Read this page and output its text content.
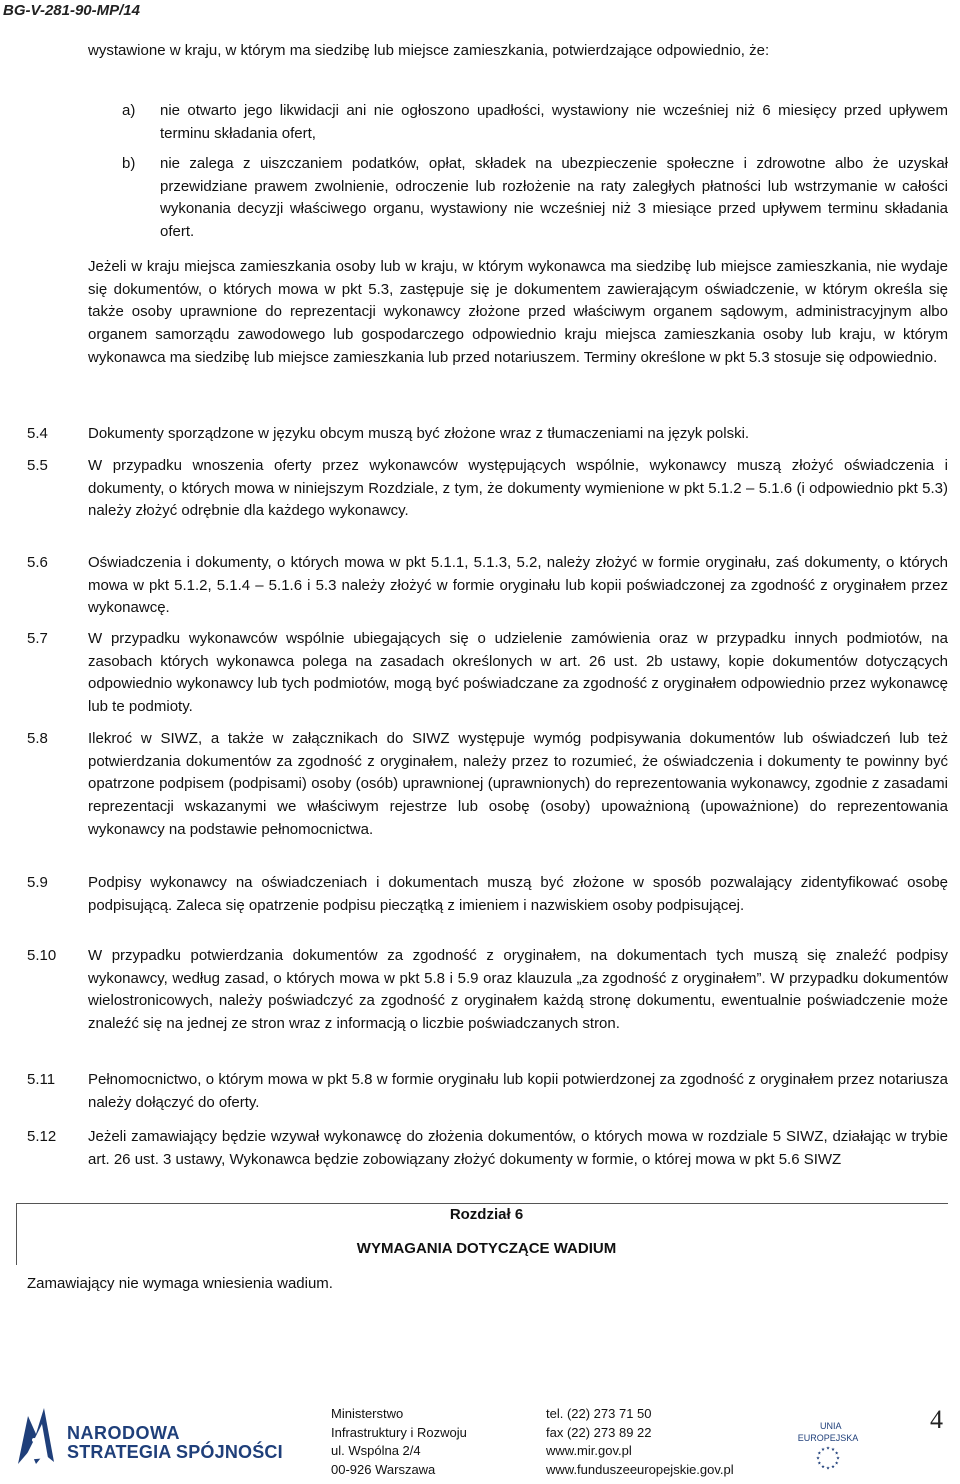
BG-V-281-90-MP/14
wystawione w kraju, w którym ma siedzibę lub miejsce zamieszkania, potwierdzające odpowiednio, że:
a) nie otwarto jego likwidacji ani nie ogłoszono upadłości, wystawiony nie wcześniej niż 6 miesięcy przed upływem terminu składania ofert,
b) nie zalega z uiszczaniem podatków, opłat, składek na ubezpieczenie społeczne i zdrowotne albo że uzyskał przewidziane prawem zwolnienie, odroczenie lub rozłożenie na raty zaległych płatności lub wstrzymanie w całości wykonania decyzji właściwego organu, wystawiony nie wcześniej niż 3 miesiące przed upływem terminu składania ofert.
Jeżeli w kraju miejsca zamieszkania osoby lub w kraju, w którym wykonawca ma siedzibę lub miejsce zamieszkania, nie wydaje się dokumentów, o których mowa w pkt 5.3, zastępuje się je dokumentem zawierającym oświadczenie, w którym określa się także osoby uprawnione do reprezentacji wykonawcy złożone przed właściwym organem sądowym, administracyjnym albo organem samorządu zawodowego lub gospodarczego odpowiednio kraju miejsca zamieszkania osoby lub kraju, w którym wykonawca ma siedzibę lub miejsce zamieszkania lub przed notariuszem. Terminy określone w pkt 5.3 stosuje się odpowiednio.
5.4	Dokumenty sporządzone w języku obcym muszą być złożone wraz z tłumaczeniami na język polski.
5.5	W przypadku wnoszenia oferty przez wykonawców występujących wspólnie, wykonawcy muszą złożyć oświadczenia i dokumenty, o których mowa w niniejszym Rozdziale, z tym, że dokumenty wymienione w pkt 5.1.2 – 5.1.6 (i odpowiednio pkt 5.3) należy złożyć odrębnie dla każdego wykonawcy.
5.6	Oświadczenia i dokumenty, o których mowa w pkt 5.1.1, 5.1.3, 5.2, należy złożyć w formie oryginału, zaś dokumenty, o których mowa w pkt 5.1.2, 5.1.4 – 5.1.6 i 5.3 należy złożyć w formie oryginału lub kopii poświadczonej za zgodność z oryginałem przez wykonawcę.
5.7	W przypadku wykonawców wspólnie ubiegających się o udzielenie zamówienia oraz w przypadku innych podmiotów, na zasobach których wykonawca polega na zasadach określonych w art. 26 ust. 2b ustawy, kopie dokumentów dotyczących odpowiednio wykonawcy lub tych podmiotów, mogą być poświadczane za zgodność z oryginałem odpowiednio przez wykonawcę lub te podmioty.
5.8	Ilekroć w SIWZ, a także w załącznikach do SIWZ występuje wymóg podpisywania dokumentów lub oświadczeń lub też potwierdzania dokumentów za zgodność z oryginałem, należy przez to rozumieć, że oświadczenia i dokumenty te powinny być opatrzone podpisem (podpisami) osoby (osób) uprawnionej (uprawnionych) do reprezentowania wykonawcy, zgodnie z zasadami reprezentacji wskazanymi we właściwym rejestrze lub osobę (osoby) upoważnioną (upoważnione) do reprezentowania wykonawcy na podstawie pełnomocnictwa.
5.9	Podpisy wykonawcy na oświadczeniach i dokumentach muszą być złożone w sposób pozwalający zidentyfikować osobę podpisującą. Zaleca się opatrzenie podpisu pieczątką z imieniem i nazwiskiem osoby podpisującej.
5.10 W przypadku potwierdzania dokumentów za zgodność z oryginałem, na dokumentach tych muszą się znaleźć podpisy wykonawcy, według zasad, o których mowa w pkt 5.8 i 5.9 oraz klauzula „za zgodność z oryginałem”. W przypadku dokumentów wielostronicowych, należy poświadczyć za zgodność z oryginałem każdą stronę dokumentu, ewentualnie poświadczenie może znaleźć się na jednej ze stron wraz z informacją o liczbie poświadczanych stron.
5.11 Pełnomocnictwo, o którym mowa w pkt 5.8 w formie oryginału lub kopii potwierdzonej za zgodność z oryginałem przez notariusza należy dołączyć do oferty.
5.12 Jeżeli zamawiający będzie wzywał wykonawcę do złożenia dokumentów, o których mowa w rozdziale 5 SIWZ, działając w trybie art. 26 ust. 3 ustawy, Wykonawca będzie zobowiązany złożyć dokumenty w formie, o której mowa w pkt 5.6 SIWZ
Rozdział 6
WYMAGANIA DOTYCZĄCE WADIUM
Zamawiający nie wymaga wniesienia wadium.
NARODOWA
STRATEGIA SPÓJNOŚCI
Ministerstwo
Infrastruktury i Rozwoju
ul. Wspólna 2/4
00-926 Warszawa
tel. (22) 273 71 50
fax (22) 273 89 22
www.mir.gov.pl
www.funduszeeuropejskie.gov.pl
UNIA
EUROPEJSKA
4
